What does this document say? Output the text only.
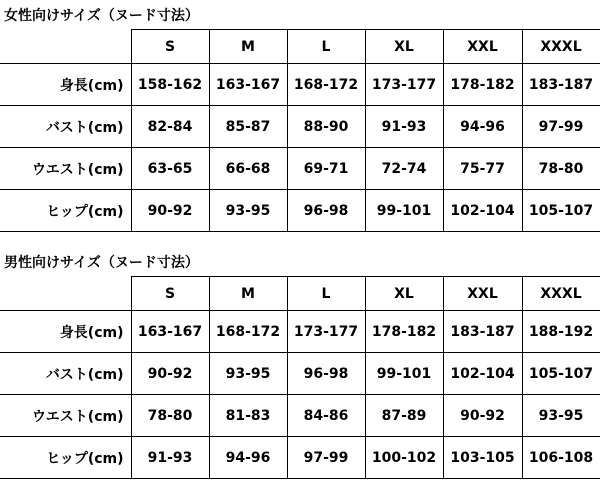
女性向けサイズ（ヌード寸法）
	S	M	L	XL	XXL	XXXL
身長(cm)	158-162	163-167	168-172	173-177	178-182	183-187
バスト(cm)	82-84	85-87	88-90	91-93	94-96	97-99
ウエスト(cm)	63-65	66-68	69-71	72-74	75-77	78-80
ヒップ(cm)	90-92	93-95	96-98	99-101	102-104	105-107
男性向けサイズ（ヌード寸法）
	S	M	L	XL	XXL	XXXL
身長(cm)	163-167	168-172	173-177	178-182	183-187	188-192
バスト(cm)	90-92	93-95	96-98	99-101	102-104	105-107
ウエスト(cm)	78-80	81-83	84-86	87-89	90-92	93-95
ヒップ(cm)	91-93	94-96	97-99	100-102	103-105	106-108
